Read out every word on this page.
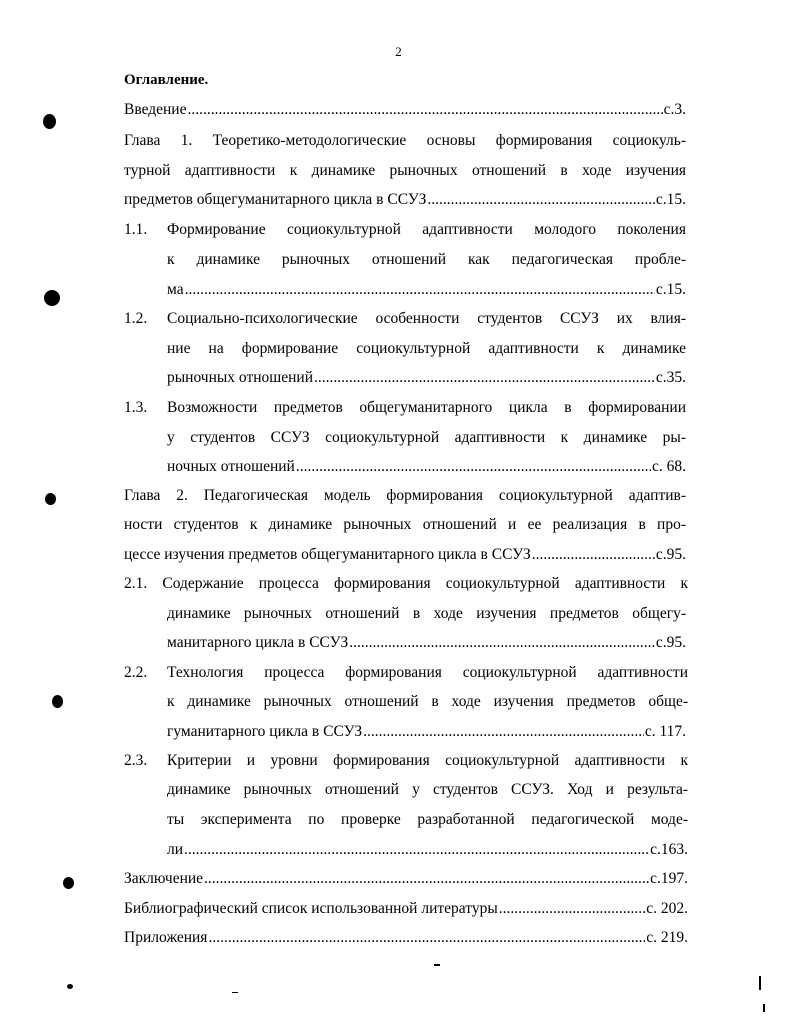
2
Оглавление.
Введение .....	с.3.
Глава 1. Теоретико-методологические основы формирования социокуль-
турной адаптивности к динамике рыночных отношений в ходе изучения
предметов общегуманитарного цикла в ССУЗ .....	с.15.
1.1. Формирование социокультурной адаптивности молодого поколения
к динамике рыночных отношений как педагогическая пробле-
ма .....	с.15.
1.2. Социально-психологические особенности студентов ССУЗ их влия-
ние на формирование социокультурной адаптивности к динамике
рыночных отношений .....	с.35.
1.3. Возможности предметов общегуманитарного цикла в формировании
у студентов ССУЗ социокультурной адаптивности к динамике ры-
ночных отношений .....	с. 68.
Глава 2. Педагогическая модель формирования социокультурной адаптив-
ности студентов к динамике рыночных отношений и ее реализация в про-
цессе изучения предметов общегуманитарного цикла в ССУЗ .....	с.95.
2.1. Содержание процесса формирования социокультурной адаптивности к
динамике рыночных отношений в ходе изучения предметов общегу-
манитарного цикла в ССУЗ .....	с.95.
2.2. Технология процесса формирования социокультурной адаптивности
к динамике рыночных отношений в ходе изучения предметов обще-
гуманитарного цикла в ССУЗ .....	с. 117.
2.3. Критерии и уровни формирования социокультурной адаптивности к
динамике рыночных отношений у студентов ССУЗ. Ход и результа-
ты эксперимента по проверке разработанной педагогической моде-
ли .....	с.163.
Заключение .....	с.197.
Библиографический список использованной литературы .....	с. 202.
Приложения .....	с. 219.
